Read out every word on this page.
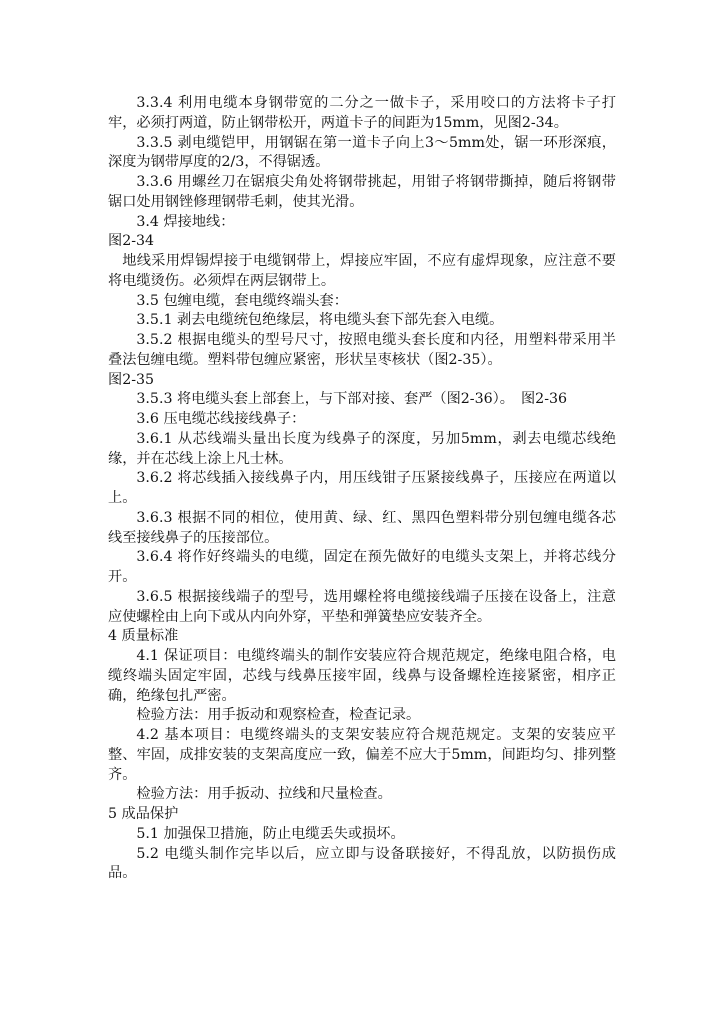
3.3.4 利用电缆本身钢带宽的二分之一做卡子，采用咬口的方法将卡子打牢，必须打两道，防止钢带松开，两道卡子的间距为15mm，见图2-34。

3.3.5 剥电缆铠甲，用钢锯在第一道卡子向上3～5mm处，锯一环形深痕，深度为钢带厚度的2/3，不得锯透。

3.3.6 用螺丝刀在锯痕尖角处将钢带挑起，用钳子将钢带撕掉，随后将钢带锯口处用钢锉修理钢带毛刺，使其光滑。

3.4 焊接地线：

图2-34

地线采用焊锡焊接于电缆钢带上，焊接应牢固，不应有虚焊现象，应注意不要将电缆烫伤。必须焊在两层钢带上。

3.5 包缠电缆，套电缆终端头套：

3.5.1 剥去电缆统包绝缘层，将电缆头套下部先套入电缆。

3.5.2 根据电缆头的型号尺寸，按照电缆头套长度和内径，用塑料带采用半叠法包缠电缆。塑料带包缠应紧密，形状呈枣核状（图2-35）。

图2-35

3.5.3 将电缆头套上部套上，与下部对接、套严（图2-36）。　图2-36

3.6 压电缆芯线接线鼻子：

3.6.1 从芯线端头量出长度为线鼻子的深度，另加5mm，剥去电缆芯线绝缘，并在芯线上涂上凡士林。

3.6.2 将芯线插入接线鼻子内，用压线钳子压紧接线鼻子，压接应在两道以上。

3.6.3 根据不同的相位，使用黄、绿、红、黑四色塑料带分别包缠电缆各芯线至接线鼻子的压接部位。

3.6.4 将作好终端头的电缆，固定在预先做好的电缆头支架上，并将芯线分开。

3.6.5 根据接线端子的型号，选用螺栓将电缆接线端子压接在设备上，注意应使螺栓由上向下或从内向外穿，平垫和弹簧垫应安装齐全。

4 质量标准

4.1 保证项目：电缆终端头的制作安装应符合规范规定，绝缘电阻合格，电缆终端头固定牢固，芯线与线鼻压接牢固，线鼻与设备螺栓连接紧密，相序正确，绝缘包扎严密。

检验方法：用手扳动和观察检查，检查记录。

4.2 基本项目：电缆终端头的支架安装应符合规范规定。支架的安装应平整、牢固，成排安装的支架高度应一致，偏差不应大于5mm，间距均匀、排列整齐。

检验方法：用手扳动、拉线和尺量检查。

5 成品保护

5.1 加强保卫措施，防止电缆丢失或损坏。

5.2 电缆头制作完毕以后，应立即与设备联接好，不得乱放，以防损伤成品。
